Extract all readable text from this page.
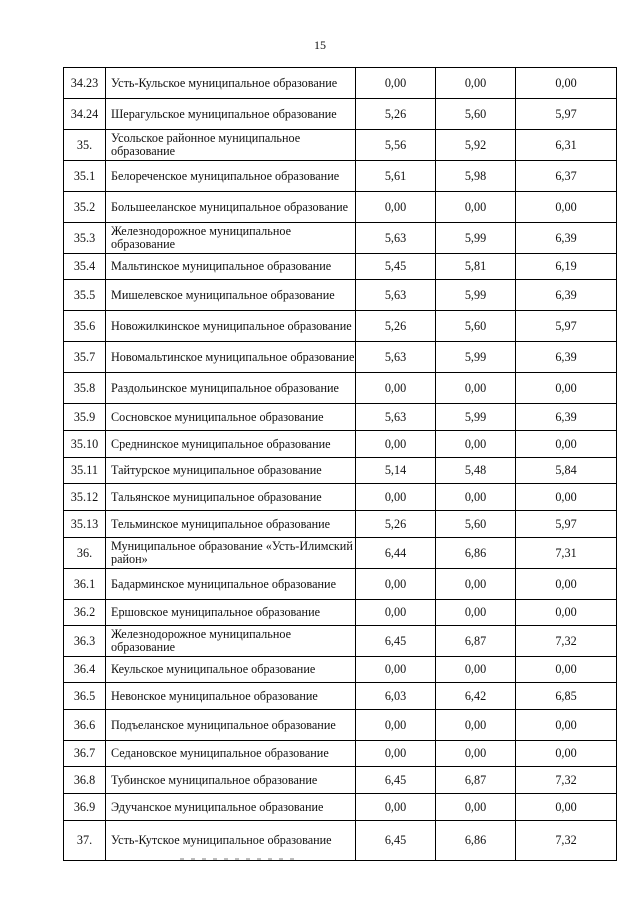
15
34.23	Усть-Кульское муниципальное образование	0,00	0,00	0,00
34.24	Шерагульское муниципальное образование	5,26	5,60	5,97
35.	Усольское районное муниципальное образование	5,56	5,92	6,31
35.1	Белореченское муниципальное образование	5,61	5,98	6,37
35.2	Большееланское муниципальное образование	0,00	0,00	0,00
35.3	Железнодорожное муниципальное образование	5,63	5,99	6,39
35.4	Мальтинское муниципальное образование	5,45	5,81	6,19
35.5	Мишелевское муниципальное образование	5,63	5,99	6,39
35.6	Новожилкинское муниципальное образование	5,26	5,60	5,97
35.7	Новомальтинское муниципальное образование	5,63	5,99	6,39
35.8	Раздольинское муниципальное образование	0,00	0,00	0,00
35.9	Сосновское муниципальное образование	5,63	5,99	6,39
35.10	Среднинское муниципальное образование	0,00	0,00	0,00
35.11	Тайтурское муниципальное образование	5,14	5,48	5,84
35.12	Тальянское муниципальное образование	0,00	0,00	0,00
35.13	Тельминское муниципальное образование	5,26	5,60	5,97
36.	Муниципальное образование «Усть-Илимский район»	6,44	6,86	7,31
36.1	Бадарминское муниципальное образование	0,00	0,00	0,00
36.2	Ершовское муниципальное образование	0,00	0,00	0,00
36.3	Железнодорожное муниципальное образование	6,45	6,87	7,32
36.4	Кеульское муниципальное образование	0,00	0,00	0,00
36.5	Невонское муниципальное образование	6,03	6,42	6,85
36.6	Подъеланское муниципальное образование	0,00	0,00	0,00
36.7	Седановское муниципальное образование	0,00	0,00	0,00
36.8	Тубинское муниципальное образование	6,45	6,87	7,32
36.9	Эдучанское муниципальное образование	0,00	0,00	0,00
37.	Усть-Кутское муниципальное образование	6,45	6,86	7,32
